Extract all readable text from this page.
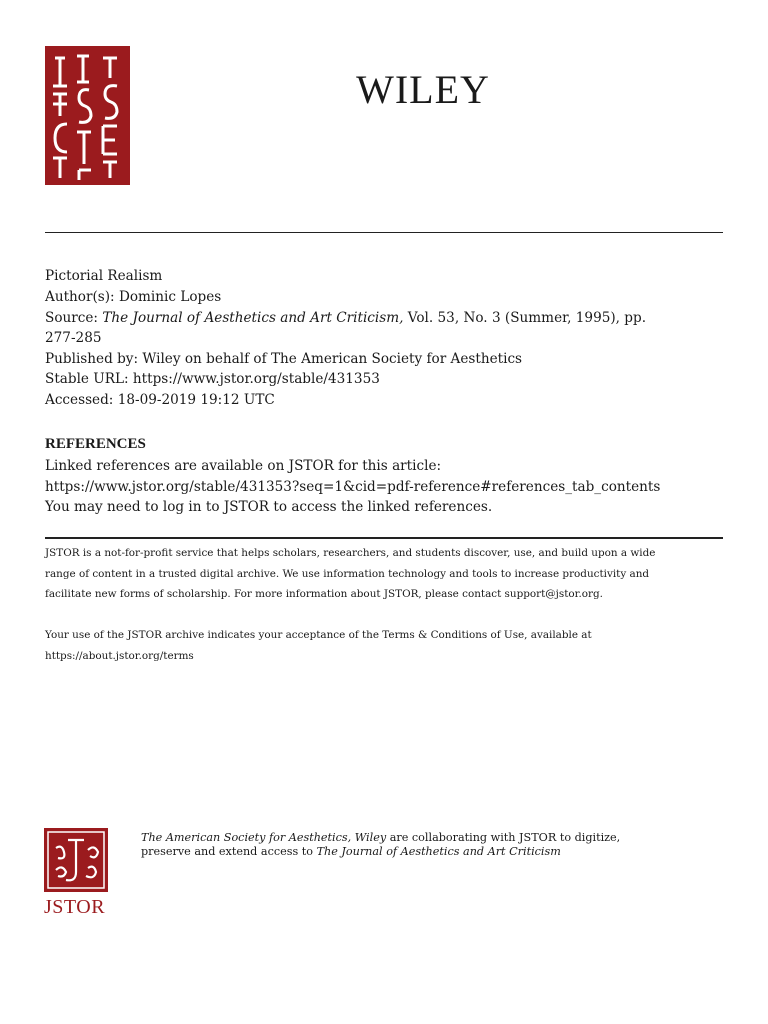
WILEY
Pictorial Realism
Author(s): Dominic Lopes
Source: The Journal of Aesthetics and Art Criticism, Vol. 53, No. 3 (Summer, 1995), pp.
277-285
Published by: Wiley on behalf of The American Society for Aesthetics
Stable URL: https://www.jstor.org/stable/431353
Accessed: 18-09-2019 19:12 UTC
REFERENCES
Linked references are available on JSTOR for this article:
https://www.jstor.org/stable/431353?seq=1&cid=pdf-reference#references_tab_contents
You may need to log in to JSTOR to access the linked references.
JSTOR is a not-for-profit service that helps scholars, researchers, and students discover, use, and build upon a wide
range of content in a trusted digital archive. We use information technology and tools to increase productivity and
facilitate new forms of scholarship. For more information about JSTOR, please contact support@jstor.org.
Your use of the JSTOR archive indicates your acceptance of the Terms & Conditions of Use, available at
https://about.jstor.org/terms
JSTOR
The American Society for Aesthetics, Wiley are collaborating with JSTOR to digitize,
preserve and extend access to The Journal of Aesthetics and Art Criticism
